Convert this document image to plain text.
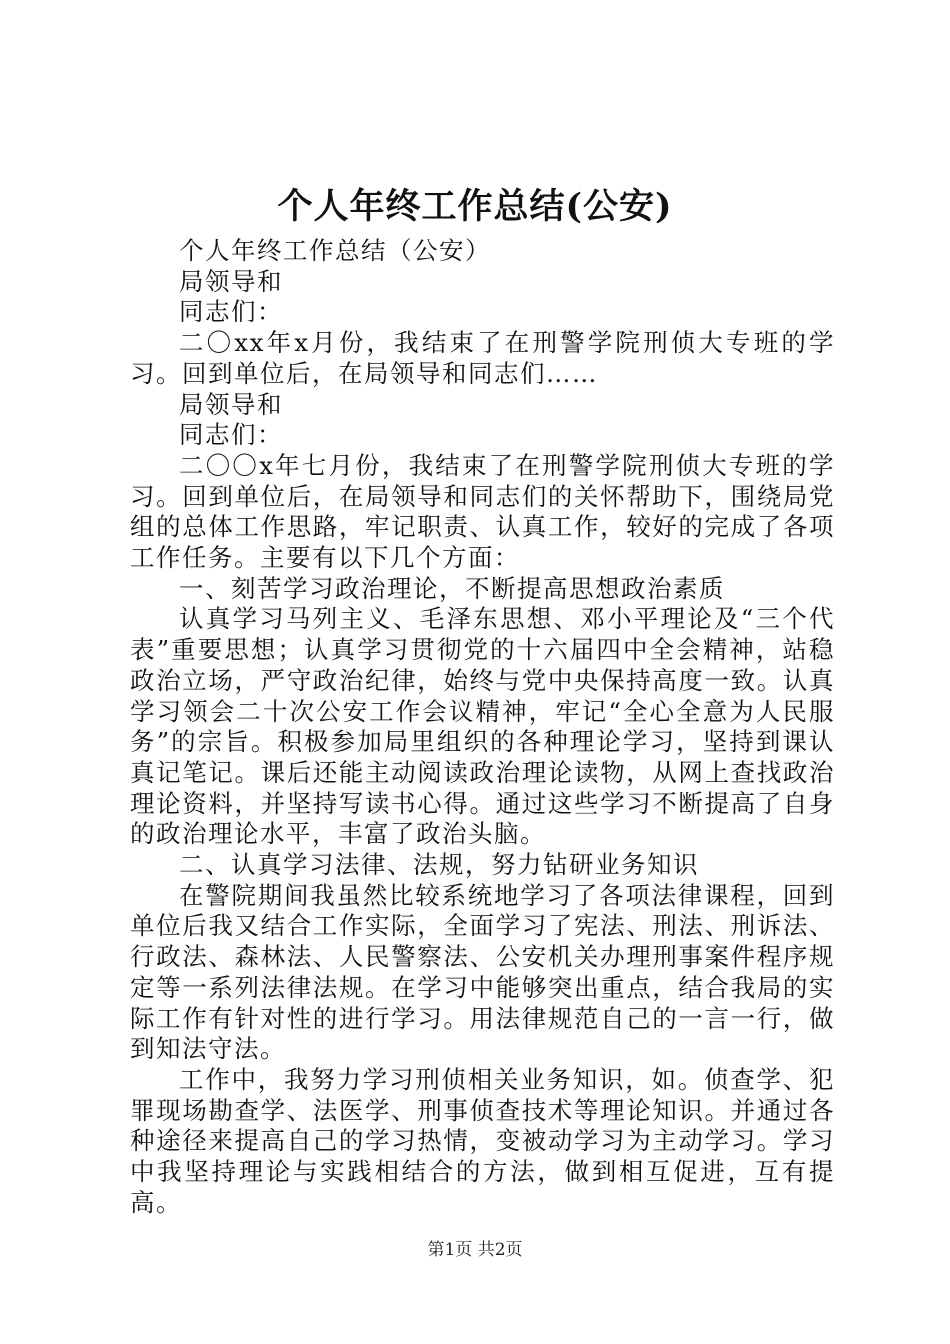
个人年终工作总结(公安)

个人年终工作总结（公安）

局领导和

同志们：

二〇xx年x月份，我结束了在刑警学院刑侦大专班的学习。回到单位后，在局领导和同志们……

局领导和

同志们：

二〇〇x年七月份，我结束了在刑警学院刑侦大专班的学习。回到单位后，在局领导和同志们的关怀帮助下，围绕局党组的总体工作思路，牢记职责、认真工作，较好的完成了各项工作任务。主要有以下几个方面：

一、刻苦学习政治理论，不断提高思想政治素质

认真学习马列主义、毛泽东思想、邓小平理论及“三个代表”重要思想；认真学习贯彻党的十六届四中全会精神，站稳政治立场，严守政治纪律，始终与党中央保持高度一致。认真学习领会二十次公安工作会议精神，牢记“全心全意为人民服务”的宗旨。积极参加局里组织的各种理论学习，坚持到课认真记笔记。课后还能主动阅读政治理论读物，从网上查找政治理论资料，并坚持写读书心得。通过这些学习不断提高了自身的政治理论水平，丰富了政治头脑。

二、认真学习法律、法规，努力钻研业务知识

在警院期间我虽然比较系统地学习了各项法律课程，回到单位后我又结合工作实际，全面学习了宪法、刑法、刑诉法、行政法、森林法、人民警察法、公安机关办理刑事案件程序规定等一系列法律法规。在学习中能够突出重点，结合我局的实际工作有针对性的进行学习。用法律规范自己的一言一行，做到知法守法。

工作中，我努力学习刑侦相关业务知识，如。侦查学、犯罪现场勘查学、法医学、刑事侦查技术等理论知识。并通过各种途径来提高自己的学习热情，变被动学习为主动学习。学习中我坚持理论与实践相结合的方法，做到相互促进，互有提高。

第1页 共2页
